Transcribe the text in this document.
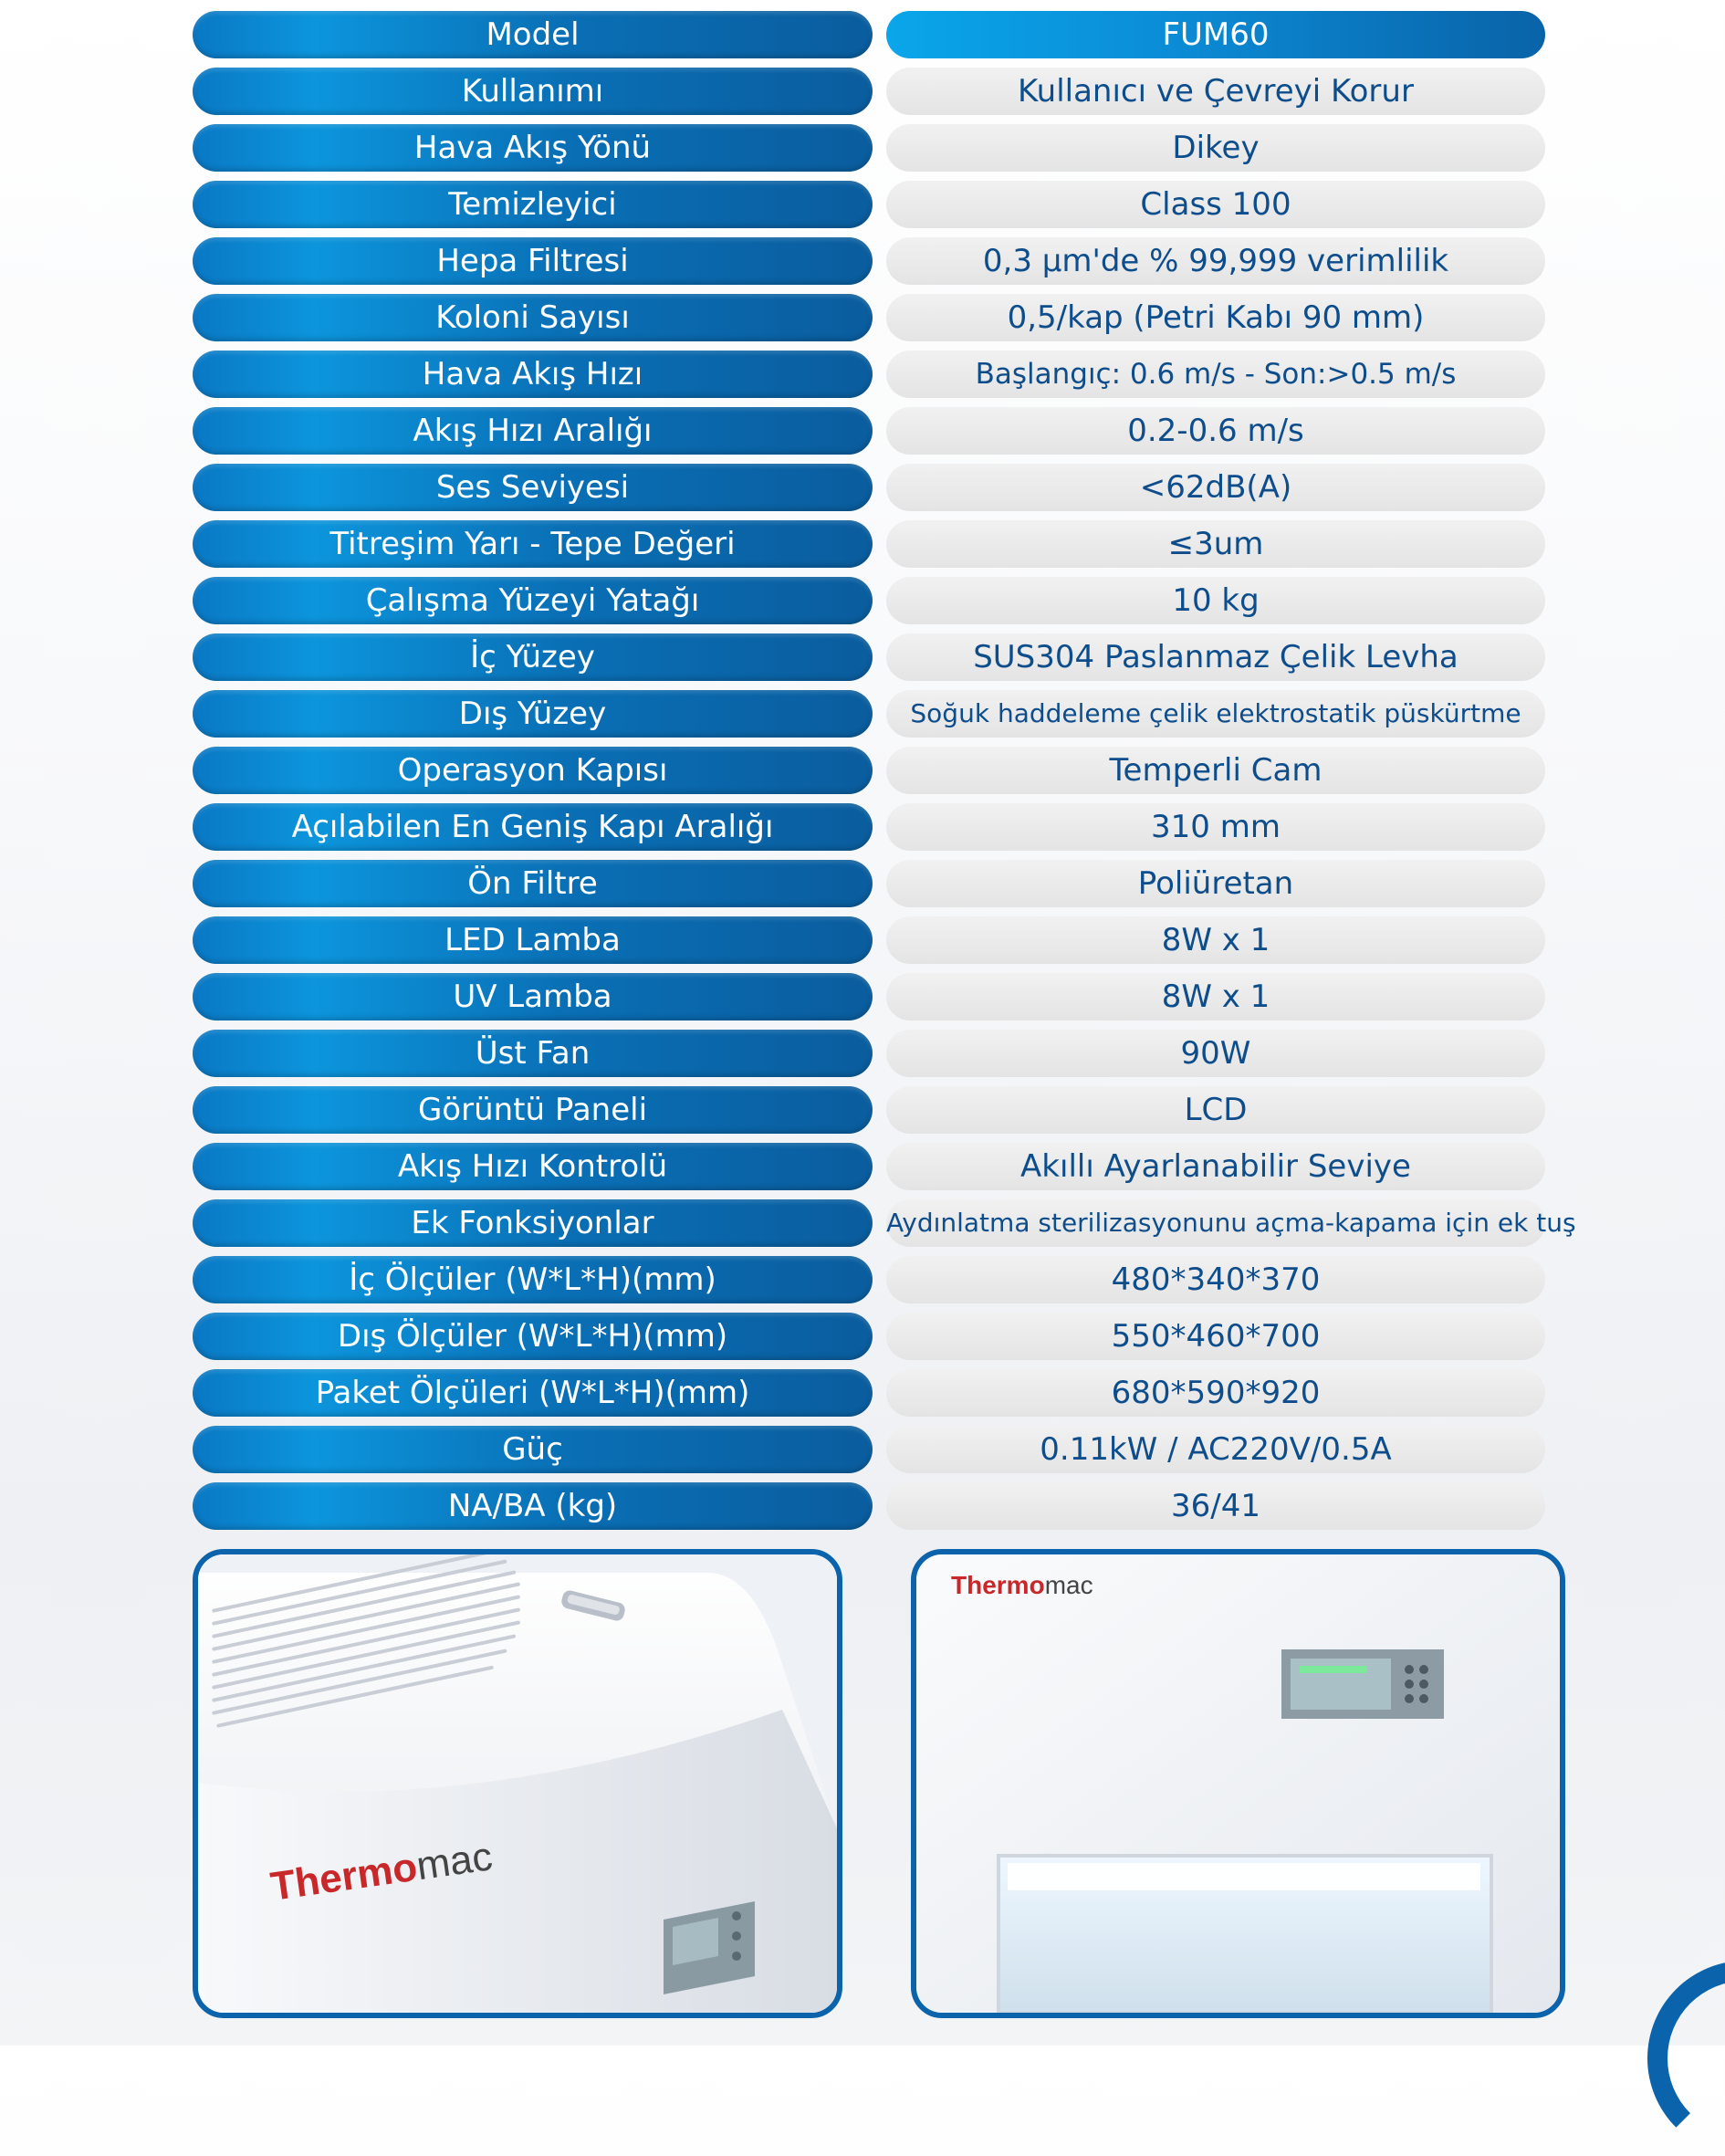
Model	FUM60
Kullanımı	Kullanıcı ve Çevreyi Korur
Hava Akış Yönü	Dikey
Temizleyici	Class 100
Hepa Filtresi	0,3 µm'de % 99,999 verimlilik
Koloni Sayısı	0,5/kap (Petri Kabı 90 mm)
Hava Akış Hızı	Başlangıç: 0.6 m/s - Son:>0.5 m/s
Akış Hızı Aralığı	0.2-0.6 m/s
Ses Seviyesi	<62dB(A)
Titreşim Yarı - Tepe Değeri	≤3um
Çalışma Yüzeyi Yatağı	10 kg
İç Yüzey	SUS304 Paslanmaz Çelik Levha
Dış Yüzey	Soğuk haddeleme çelik elektrostatik püskürtme
Operasyon Kapısı	Temperli Cam
Açılabilen En Geniş Kapı Aralığı	310 mm
Ön Filtre	Poliüretan
LED Lamba	8W x 1
UV Lamba	8W x 1
Üst Fan	90W
Görüntü Paneli	LCD
Akış Hızı Kontrolü	Akıllı Ayarlanabilir Seviye
Ek Fonksiyonlar	Aydınlatma sterilizasyonunu açma-kapama için ek tuş
İç Ölçüler (W*L*H)(mm)	480*340*370
Dış Ölçüler (W*L*H)(mm)	550*460*700
Paket Ölçüleri (W*L*H)(mm)	680*590*920
Güç	0.11kW / AC220V/0.5A
NA/BA (kg)	36/41
Thermomac
Thermomac
